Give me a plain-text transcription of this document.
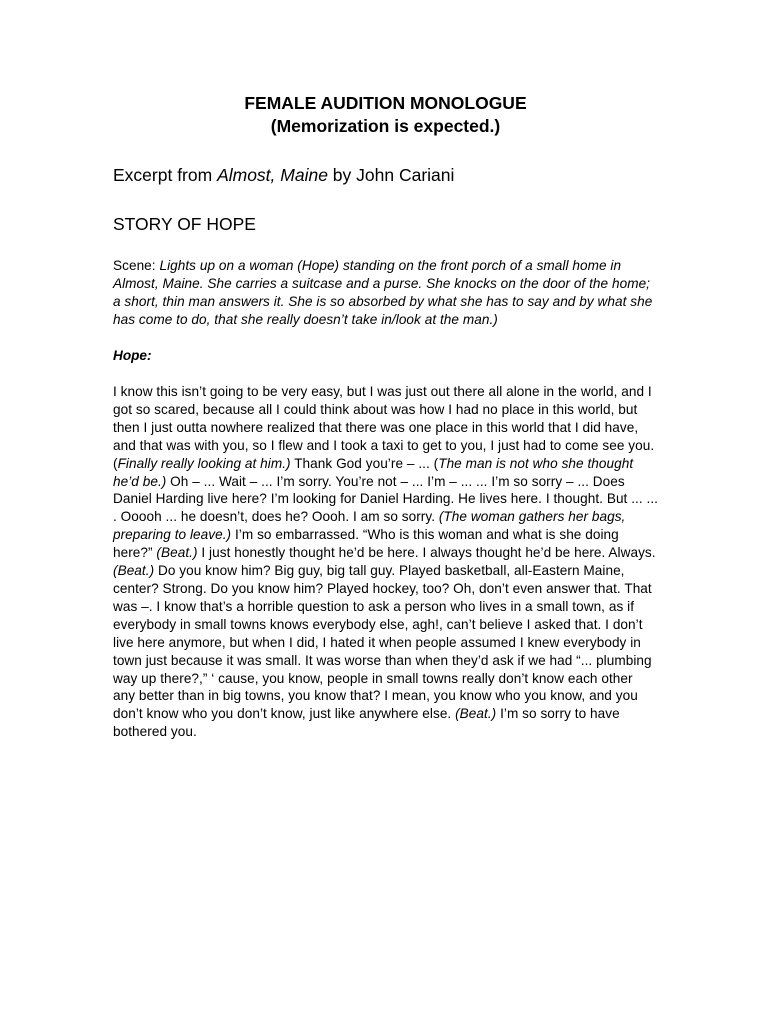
FEMALE AUDITION MONOLOGUE

(Memorization is expected.)

Excerpt from Almost, Maine by John Cariani
STORY OF HOPE
Scene: Lights up on a woman (Hope) standing on the front porch of a small home in Almost, Maine. She carries a suitcase and a purse. She knocks on the door of the home; a short, thin man answers it. She is so absorbed by what she has to say and by what she has come to do, that she really doesn’t take in/look at the man.)
Hope:
I know this isn’t going to be very easy, but I was just out there all alone in the world, and I got so scared, because all I could think about was how I had no place in this world, but then I just outta nowhere realized that there was one place in this world that I did have, and that was with you, so I flew and I took a taxi to get to you, I just had to come see you. (Finally really looking at him.) Thank God you’re – ... (The man is not who she thought he’d be.) Oh – ... Wait – ... I’m sorry. You’re not – ... I’m – ... ... I’m so sorry – ... Does Daniel Harding live here? I’m looking for Daniel Harding. He lives here. I thought. But ... ... . Ooooh ... he doesn’t, does he? Oooh. I am so sorry. (The woman gathers her bags, preparing to leave.) I’m so embarrassed. “Who is this woman and what is she doing here?” (Beat.) I just honestly thought he’d be here. I always thought he’d be here. Always. (Beat.) Do you know him? Big guy, big tall guy. Played basketball, all-Eastern Maine, center? Strong. Do you know him? Played hockey, too? Oh, don’t even answer that. That was –. I know that’s a horrible question to ask a person who lives in a small town, as if everybody in small towns knows everybody else, agh!, can’t believe I asked that. I don’t live here anymore, but when I did, I hated it when people assumed I knew everybody in town just because it was small. It was worse than when they’d ask if we had “... plumbing way up there?,” ‘ cause, you know, people in small towns really don’t know each other any better than in big towns, you know that? I mean, you know who you know, and you don’t know who you don’t know, just like anywhere else. (Beat.) I’m so sorry to have bothered you.
